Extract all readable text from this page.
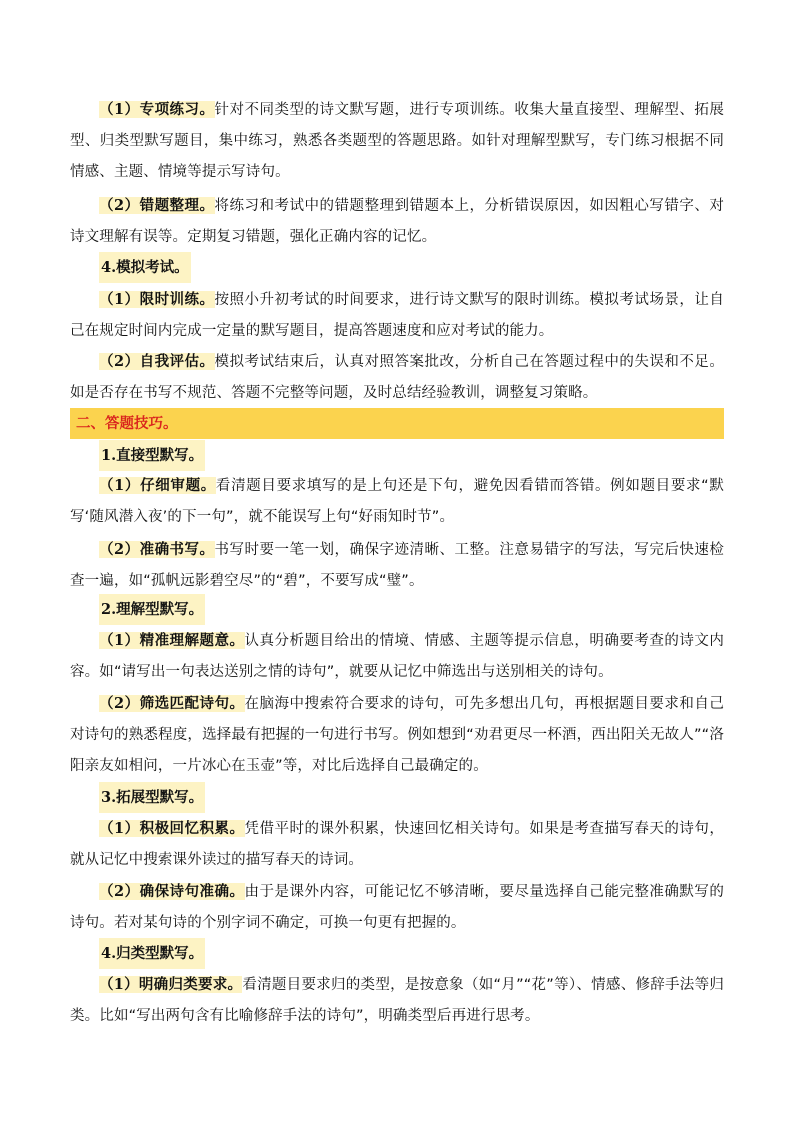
（1）专项练习。针对不同类型的诗文默写题，进行专项训练。收集大量直接型、理解型、拓展型、归类型默写题目，集中练习，熟悉各类题型的答题思路。如针对理解型默写，专门练习根据不同情感、主题、情境等提示写诗句。

（2）错题整理。将练习和考试中的错题整理到错题本上，分析错误原因，如因粗心写错字、对诗文理解有误等。定期复习错题，强化正确内容的记忆。

4.模拟考试。

（1）限时训练。按照小升初考试的时间要求，进行诗文默写的限时训练。模拟考试场景，让自己在规定时间内完成一定量的默写题目，提高答题速度和应对考试的能力。

（2）自我评估。模拟考试结束后，认真对照答案批改，分析自己在答题过程中的失误和不足。如是否存在书写不规范、答题不完整等问题，及时总结经验教训，调整复习策略。

二、答题技巧。
1.直接型默写。

（1）仔细审题。看清题目要求填写的是上句还是下句，避免因看错而答错。例如题目要求“默写‘随风潜入夜’的下一句”，就不能误写上句“好雨知时节”。

（2）准确书写。书写时要一笔一划，确保字迹清晰、工整。注意易错字的写法，写完后快速检查一遍，如“孤帆远影碧空尽”的“碧”，不要写成“璧”。

2.理解型默写。

（1）精准理解题意。认真分析题目给出的情境、情感、主题等提示信息，明确要考查的诗文内容。如“请写出一句表达送别之情的诗句”，就要从记忆中筛选出与送别相关的诗句。

（2）筛选匹配诗句。在脑海中搜索符合要求的诗句，可先多想出几句，再根据题目要求和自己对诗句的熟悉程度，选择最有把握的一句进行书写。例如想到“劝君更尽一杯酒，西出阳关无故人”“洛阳亲友如相问，一片冰心在玉壶”等，对比后选择自己最确定的。

3.拓展型默写。

（1）积极回忆积累。凭借平时的课外积累，快速回忆相关诗句。如果是考查描写春天的诗句，就从记忆中搜索课外读过的描写春天的诗词。

（2）确保诗句准确。由于是课外内容，可能记忆不够清晰，要尽量选择自己能完整准确默写的诗句。若对某句诗的个别字词不确定，可换一句更有把握的。

4.归类型默写。

（1）明确归类要求。看清题目要求归的类型，是按意象（如“月”“花”等）、情感、修辞手法等归类。比如“写出两句含有比喻修辞手法的诗句”，明确类型后再进行思考。
